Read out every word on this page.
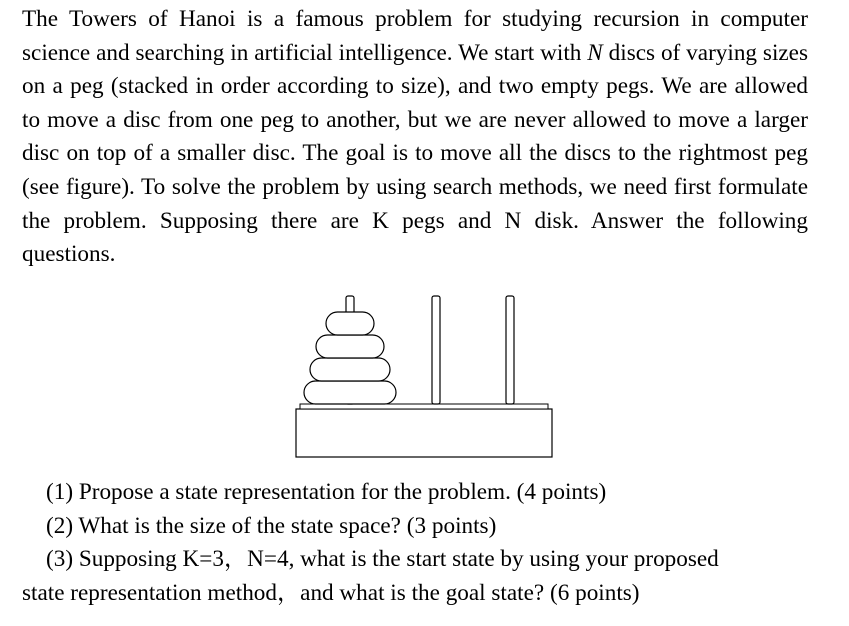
The Towers of Hanoi is a famous problem for studying recursion in computer science and searching in artificial intelligence. We start with N discs of varying sizes on a peg (stacked in order according to size), and two empty pegs. We are allowed to move a disc from one peg to another, but we are never allowed to move a larger disc on top of a smaller disc. The goal is to move all the discs to the rightmost peg (see figure). To solve the problem by using search methods, we need first formulate the problem. Supposing there are K pegs and N disk. Answer the following questions.

(1) Propose a state representation for the problem. (4 points)
(2) What is the size of the state space? (3 points)
(3) Supposing K=3，N=4, what is the start state by using your proposed
state representation method，and what is the goal state? (6 points)
